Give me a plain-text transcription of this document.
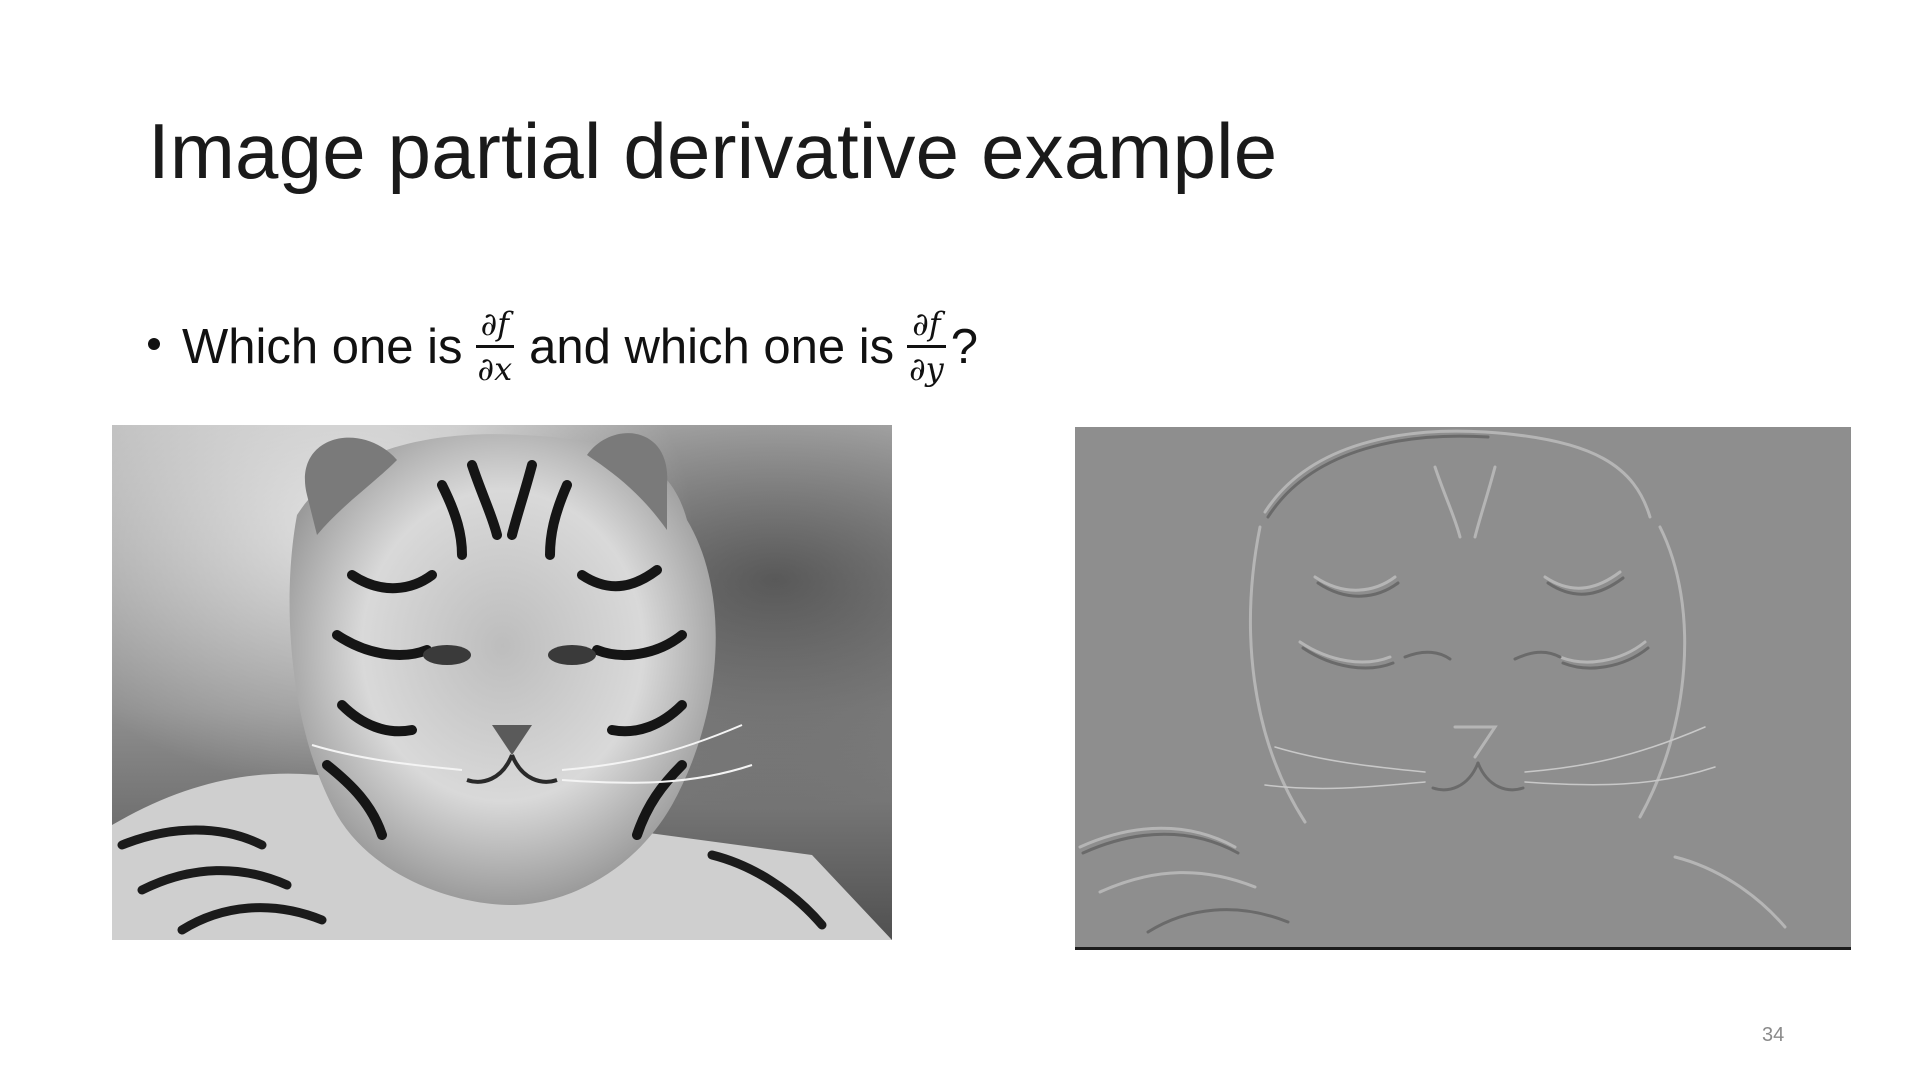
Image partial derivative example
Which one is $\frac{\partial f}{\partial x}$ and which one is $\frac{\partial f}{\partial y}$ ?
34
